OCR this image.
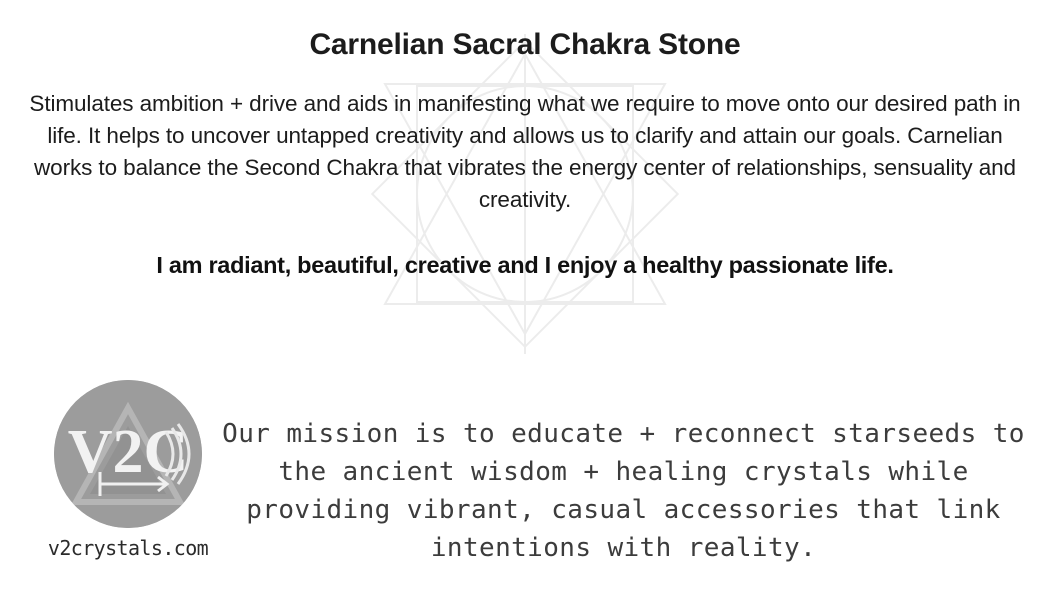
Carnelian Sacral Chakra Stone

Stimulates ambition + drive and aids in manifesting what we require to move onto our desired path in life. It helps to uncover untapped creativity and allows us to clarify and attain our goals. Carnelian works to balance the Second Chakra that vibrates the energy center of relationships, sensuality and creativity.

I am radiant, beautiful, creative and I enjoy a healthy passionate life.

V2C
v2crystals.com

Our mission is to educate + reconnect starseeds to the ancient wisdom + healing crystals while providing vibrant, casual accessories that link intentions with reality.
